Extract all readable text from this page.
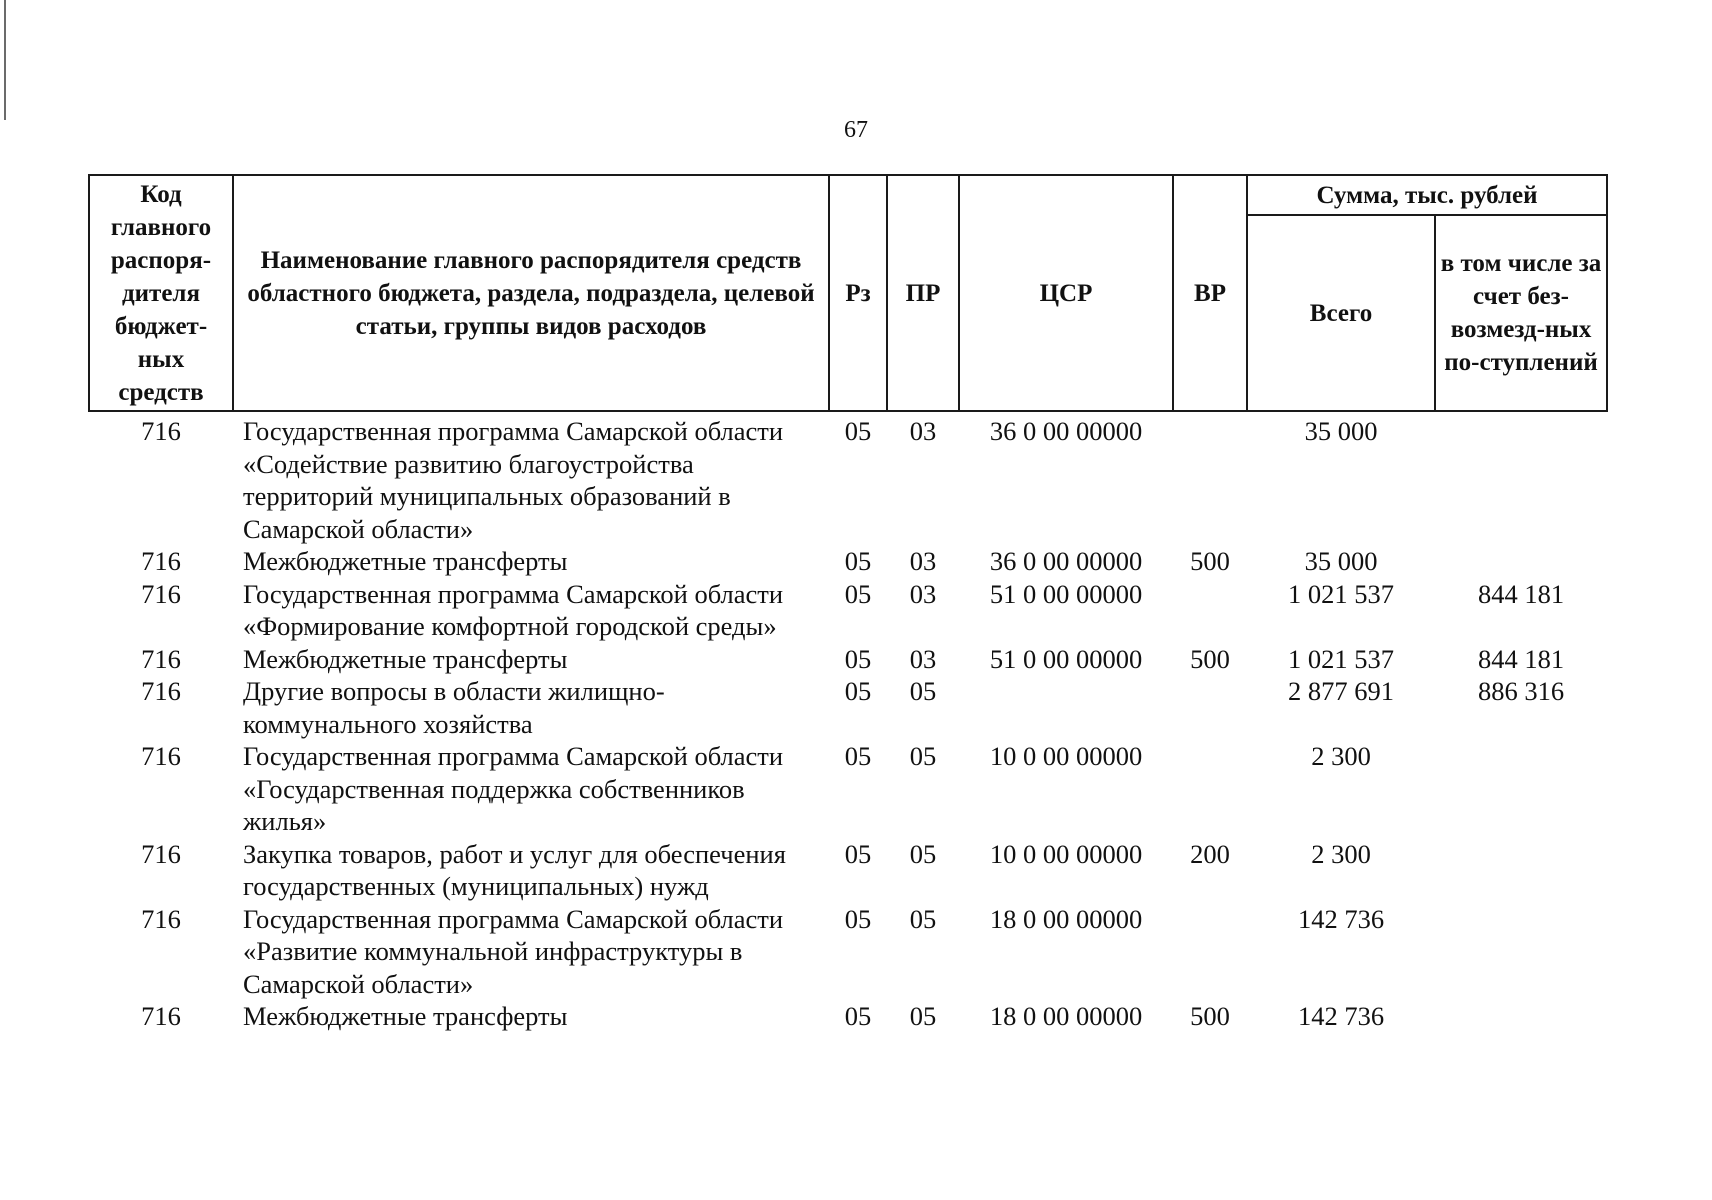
67
Код главного распоря-дителя бюджет-ных средств	Наименование главного распорядителя средств областного бюджета, раздела, подраздела, целевой статьи, группы видов расходов	Рз	ПР	ЦСР	ВР	Сумма, тыс. рублей	
						Всего	в том числе за счет без-возмезд-ных по-ступлений
716	Государственная программа Самарской области «Содействие развитию благоустройства территорий муниципальных образований в Самарской области»	05	03	36 0 00 00000		35 000	
716	Межбюджетные трансферты	05	03	36 0 00 00000	500	35 000	
716	Государственная программа Самарской области «Формирование комфортной городской среды»	05	03	51 0 00 00000		1 021 537	844 181
716	Межбюджетные трансферты	05	03	51 0 00 00000	500	1 021 537	844 181
716	Другие вопросы в области жилищно-коммунального хозяйства	05	05			2 877 691	886 316
716	Государственная программа Самарской области «Государственная поддержка собственников жилья»	05	05	10 0 00 00000		2 300	
716	Закупка товаров, работ и услуг для обеспечения государственных (муниципальных) нужд	05	05	10 0 00 00000	200	2 300	
716	Государственная программа Самарской области «Развитие коммунальной инфраструктуры в Самарской области»	05	05	18 0 00 00000		142 736	
716	Межбюджетные трансферты	05	05	18 0 00 00000	500	142 736	
